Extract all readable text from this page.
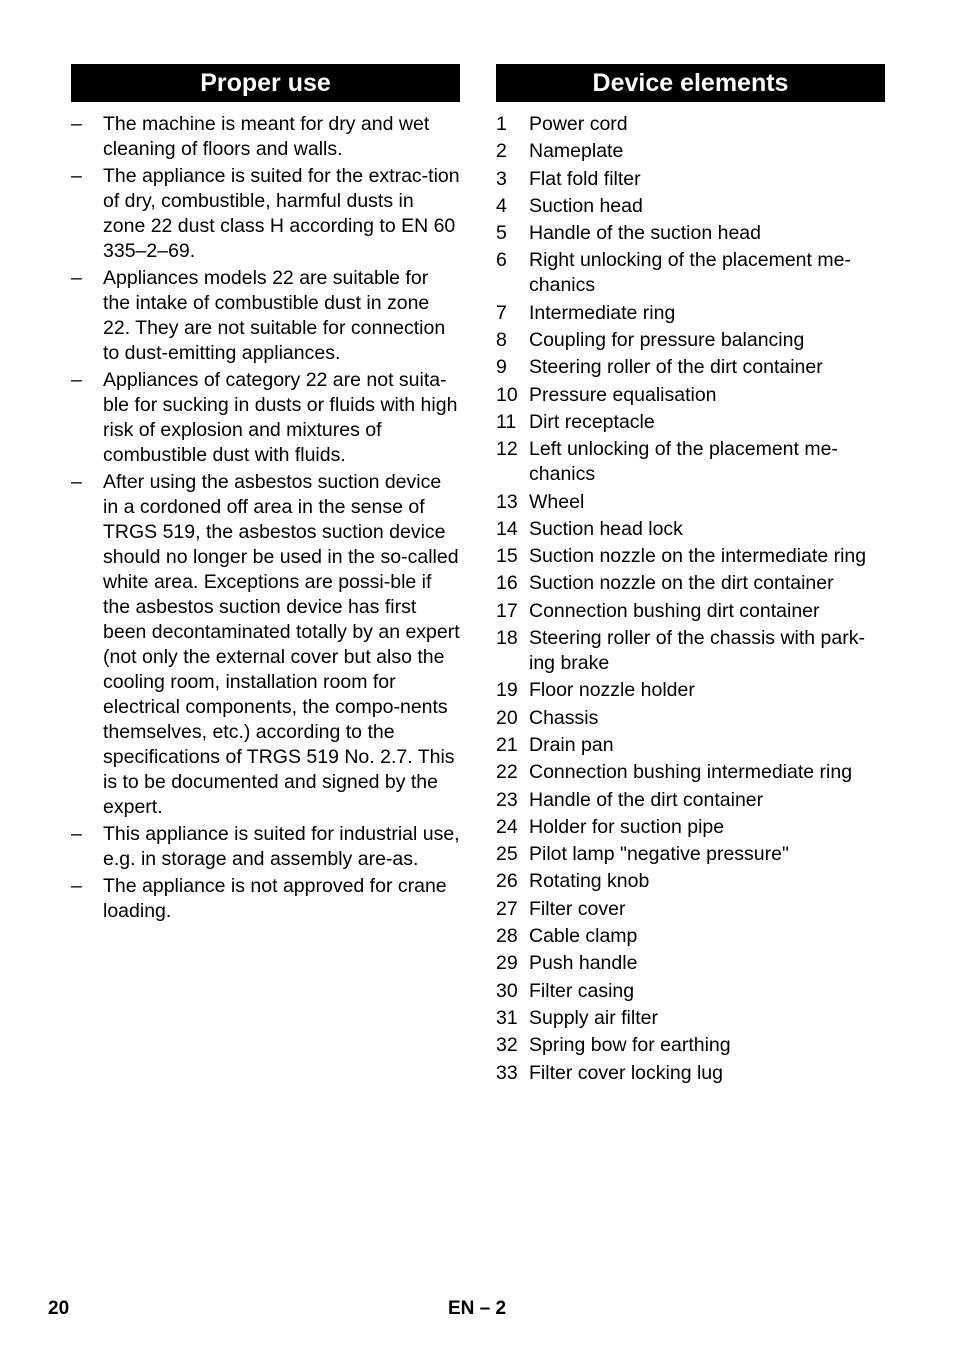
Proper use
– The machine is meant for dry and wet cleaning of floors and walls.
– The appliance is suited for the extrac-tion of dry, combustible, harmful dusts in zone 22 dust class H according to EN 60 335–2–69.
– Appliances models 22 are suitable for the intake of combustible dust in zone 22. They are not suitable for connection to dust-emitting appliances.
– Appliances of category 22 are not suita-ble for sucking in dusts or fluids with high risk of explosion and mixtures of combustible dust with fluids.
– After using the asbestos suction device in a cordoned off area in the sense of TRGS 519, the asbestos suction device should no longer be used in the so-called white area. Exceptions are possi-ble if the asbestos suction device has first been decontaminated totally by an expert (not only the external cover but also the cooling room, installation room for electrical components, the compo-nents themselves, etc.) according to the specifications of TRGS 519 No. 2.7. This is to be documented and signed by the expert.
– This appliance is suited for industrial use, e.g. in storage and assembly are-as.
– The appliance is not approved for crane loading.
Device elements
1 Power cord
2 Nameplate
3 Flat fold filter
4 Suction head
5 Handle of the suction head
6 Right unlocking of the placement me-chanics
7 Intermediate ring
8 Coupling for pressure balancing
9 Steering roller of the dirt container
10 Pressure equalisation
11 Dirt receptacle
12 Left unlocking of the placement me-chanics
13 Wheel
14 Suction head lock
15 Suction nozzle on the intermediate ring
16 Suction nozzle on the dirt container
17 Connection bushing dirt container
18 Steering roller of the chassis with park-ing brake
19 Floor nozzle holder
20 Chassis
21 Drain pan
22 Connection bushing intermediate ring
23 Handle of the dirt container
24 Holder for suction pipe
25 Pilot lamp "negative pressure"
26 Rotating knob
27 Filter cover
28 Cable clamp
29 Push handle
30 Filter casing
31 Supply air filter
32 Spring bow for earthing
33 Filter cover locking lug
20	EN – 2
